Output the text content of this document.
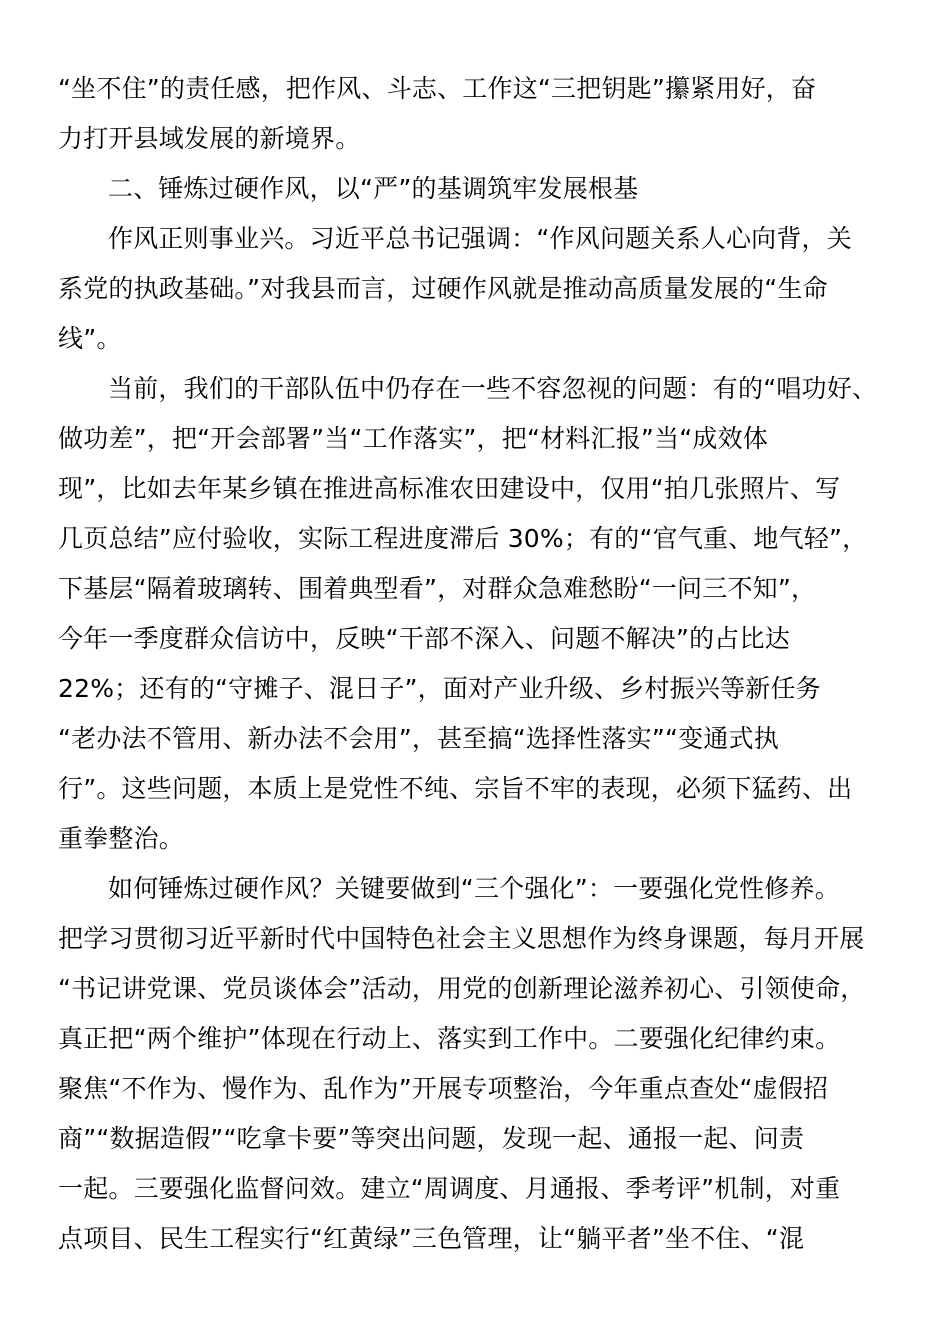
“坐不住”的责任感，把作风、斗志、工作这“三把钥匙”攥紧用好，奋
力打开县域发展的新境界。
二、锤炼过硬作风，以“严”的基调筑牢发展根基
作风正则事业兴。习近平总书记强调：“作风问题关系人心向背，关
系党的执政基础。”对我县而言，过硬作风就是推动高质量发展的“生命
线”。
当前，我们的干部队伍中仍存在一些不容忽视的问题：有的“唱功好、
做功差”，把“开会部署”当“工作落实”，把“材料汇报”当“成效体
现”，比如去年某乡镇在推进高标准农田建设中，仅用“拍几张照片、写
几页总结”应付验收，实际工程进度滞后 30%；有的“官气重、地气轻”，
下基层“隔着玻璃转、围着典型看”，对群众急难愁盼“一问三不知”，
今年一季度群众信访中，反映“干部不深入、问题不解决”的占比达
22%；还有的“守摊子、混日子”，面对产业升级、乡村振兴等新任务
“老办法不管用、新办法不会用”，甚至搞“选择性落实”“变通式执
行”。这些问题，本质上是党性不纯、宗旨不牢的表现，必须下猛药、出
重拳整治。
如何锤炼过硬作风？关键要做到“三个强化”：一要强化党性修养。
把学习贯彻习近平新时代中国特色社会主义思想作为终身课题，每月开展
“书记讲党课、党员谈体会”活动，用党的创新理论滋养初心、引领使命，
真正把“两个维护”体现在行动上、落实到工作中。二要强化纪律约束。
聚焦“不作为、慢作为、乱作为”开展专项整治，今年重点查处“虚假招
商”“数据造假”“吃拿卡要”等突出问题，发现一起、通报一起、问责
一起。三要强化监督问效。建立“周调度、月通报、季考评”机制，对重
点项目、民生工程实行“红黄绿”三色管理，让“躺平者”坐不住、“混
